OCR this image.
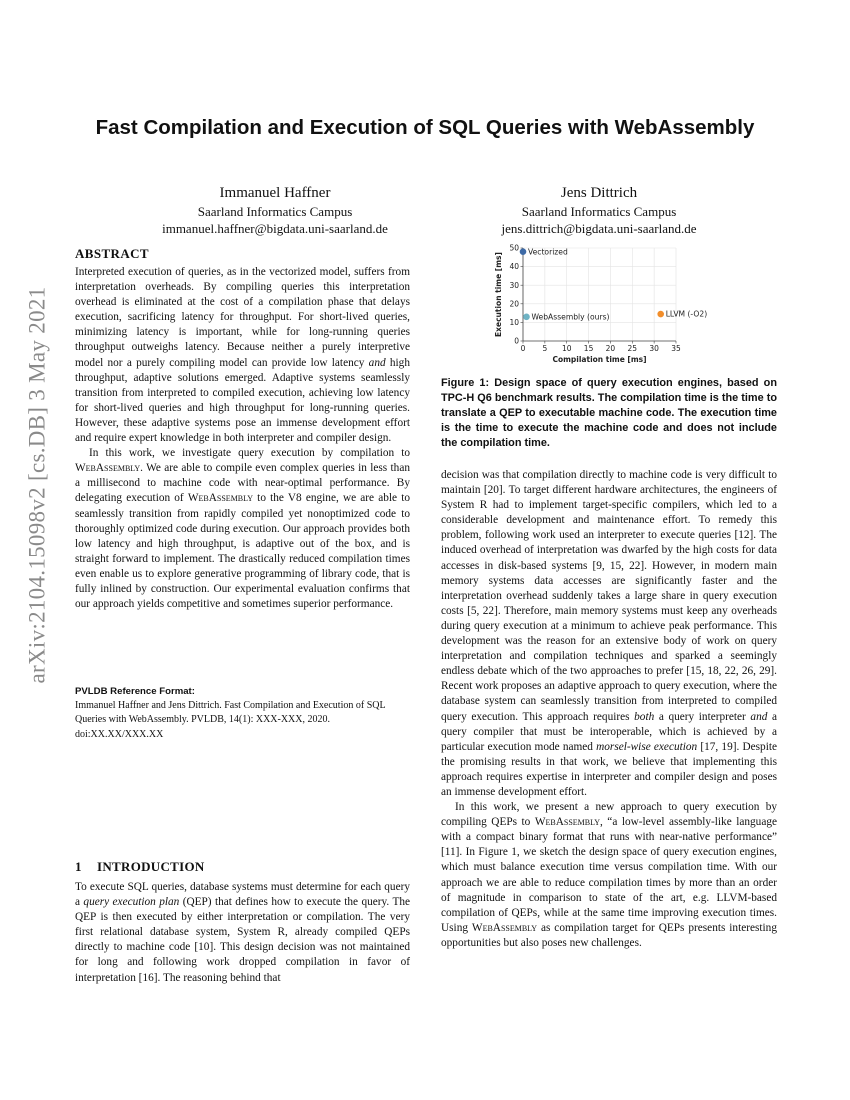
arXiv:2104.15098v2 [cs.DB] 3 May 2021
Fast Compilation and Execution of SQL Queries with WebAssembly
Immanuel Haffner
Saarland Informatics Campus
immanuel.haffner@bigdata.uni-saarland.de
Jens Dittrich
Saarland Informatics Campus
jens.dittrich@bigdata.uni-saarland.de
ABSTRACT

Interpreted execution of queries, as in the vectorized model, suffers from interpretation overheads. By compiling queries this interpretation overhead is eliminated at the cost of a compilation phase that delays execution, sacrificing latency for throughput. For short-lived queries, minimizing latency is important, while for long-running queries throughput outweighs latency. Because neither a purely interpretive model nor a purely compiling model can provide low latency and high throughput, adaptive solutions emerged. Adaptive systems seamlessly transition from interpreted to compiled execution, achieving low latency for short-lived queries and high throughput for long-running queries. However, these adaptive systems pose an immense development effort and require expert knowledge in both interpreter and compiler design.

In this work, we investigate query execution by compilation to WebAssembly. We are able to compile even complex queries in less than a millisecond to machine code with near-optimal performance. By delegating execution of WebAssembly to the V8 engine, we are able to seamlessly transition from rapidly compiled yet nonoptimized code to thoroughly optimized code during execution. Our approach provides both low latency and high throughput, is adaptive out of the box, and is straight forward to implement. The drastically reduced compilation times even enable us to explore generative programming of library code, that is fully inlined by construction. Our experimental evaluation confirms that our approach yields competitive and sometimes superior performance.

PVLDB Reference Format:
Immanuel Haffner and Jens Dittrich. Fast Compilation and Execution of SQL Queries with WebAssembly. PVLDB, 14(1): XXX-XXX, 2020.
doi:XX.XX/XXX.XX
1 INTRODUCTION

To execute SQL queries, database systems must determine for each query a query execution plan (QEP) that defines how to execute the query. The QEP is then executed by either interpretation or compilation. The very first relational database system, System R, already compiled QEPs directly to machine code [10]. This design decision was not maintained for long and following work dropped compilation in favor of interpretation [16]. The reasoning behind that

0 5 10 15 20 25 30 35
0
10
20
30
40
50 Vectorized
WebAssembly (ours)	LLVM (-O2)
Compilation time [ms]
Execution time [ms]
Figure 1: Design space of query execution engines, based on TPC-H Q6 benchmark results. The compilation time is the time to translate a QEP to executable machine code. The execution time is the time to execute the machine code and does not include the compilation time.

decision was that compilation directly to machine code is very difficult to maintain [20]. To target different hardware architectures, the engineers of System R had to implement target-specific compilers, which led to a considerable development and maintenance effort. To remedy this problem, following work used an interpreter to execute queries [12]. The induced overhead of interpretation was dwarfed by the high costs for data accesses in disk-based systems [9, 15, 22]. However, in modern main memory systems data accesses are significantly faster and the interpretation overhead suddenly takes a large share in query execution costs [5, 22]. Therefore, main memory systems must keep any overheads during query execution at a minimum to achieve peak performance. This development was the reason for an extensive body of work on query interpretation and compilation techniques and sparked a seemingly endless debate which of the two approaches to prefer [15, 18, 22, 26, 29]. Recent work proposes an adaptive approach to query execution, where the database system can seamlessly transition from interpreted to compiled query execution. This approach requires both a query interpreter and a query compiler that must be interoperable, which is achieved by a particular execution mode named morsel-wise execution [17, 19]. Despite the promising results in that work, we believe that implementing this approach requires expertise in interpreter and compiler design and poses an immense development effort.

In this work, we present a new approach to query execution by compiling QEPs to WebAssembly, “a low-level assembly-like language with a compact binary format that runs with near-native performance” [11]. In Figure 1, we sketch the design space of query execution engines, which must balance execution time versus compilation time. With our approach we are able to reduce compilation times by more than an order of magnitude in comparison to state of the art, e.g. LLVM-based compilation of QEPs, while at the same time improving execution times. Using WebAssembly as compilation target for QEPs presents interesting opportunities but also poses new challenges.
